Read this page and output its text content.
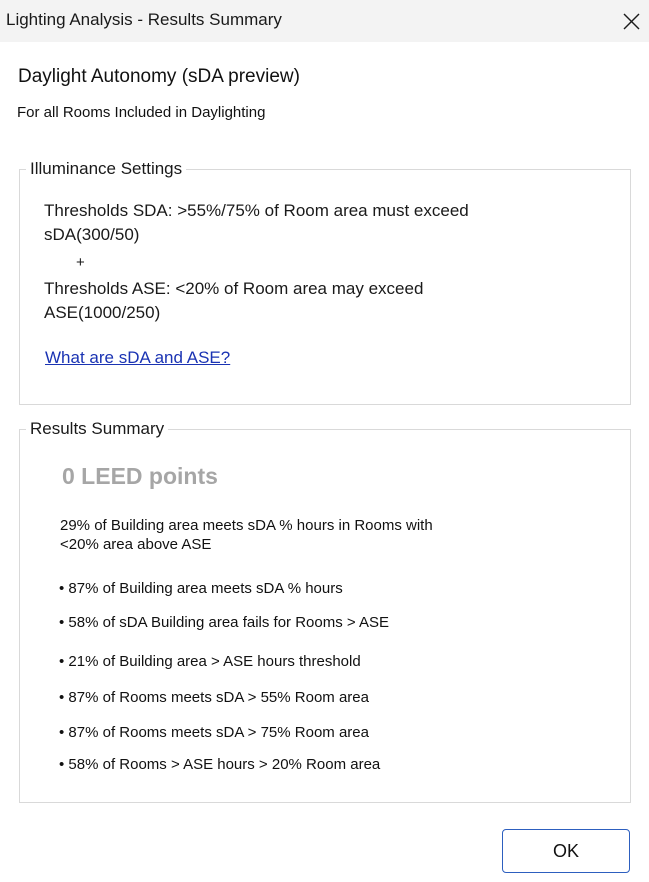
Lighting Analysis - Results Summary
Daylight Autonomy (sDA preview)
For all Rooms Included in Daylighting
Illuminance Settings
Thresholds SDA: >55%/75% of Room area must exceed
sDA(300/50)
+
Thresholds ASE: <20% of Room area may exceed
ASE(1000/250)
What are sDA and ASE?
Results Summary
0 LEED points
29% of Building area meets sDA % hours in Rooms with
<20% area above ASE
• 87% of Building area meets sDA % hours
• 58% of sDA Building area fails for Rooms > ASE
• 21% of Building area > ASE hours threshold
• 87% of Rooms meets sDA > 55% Room area
• 87% of Rooms meets sDA > 75% Room area
• 58% of Rooms > ASE hours > 20% Room area
OK
